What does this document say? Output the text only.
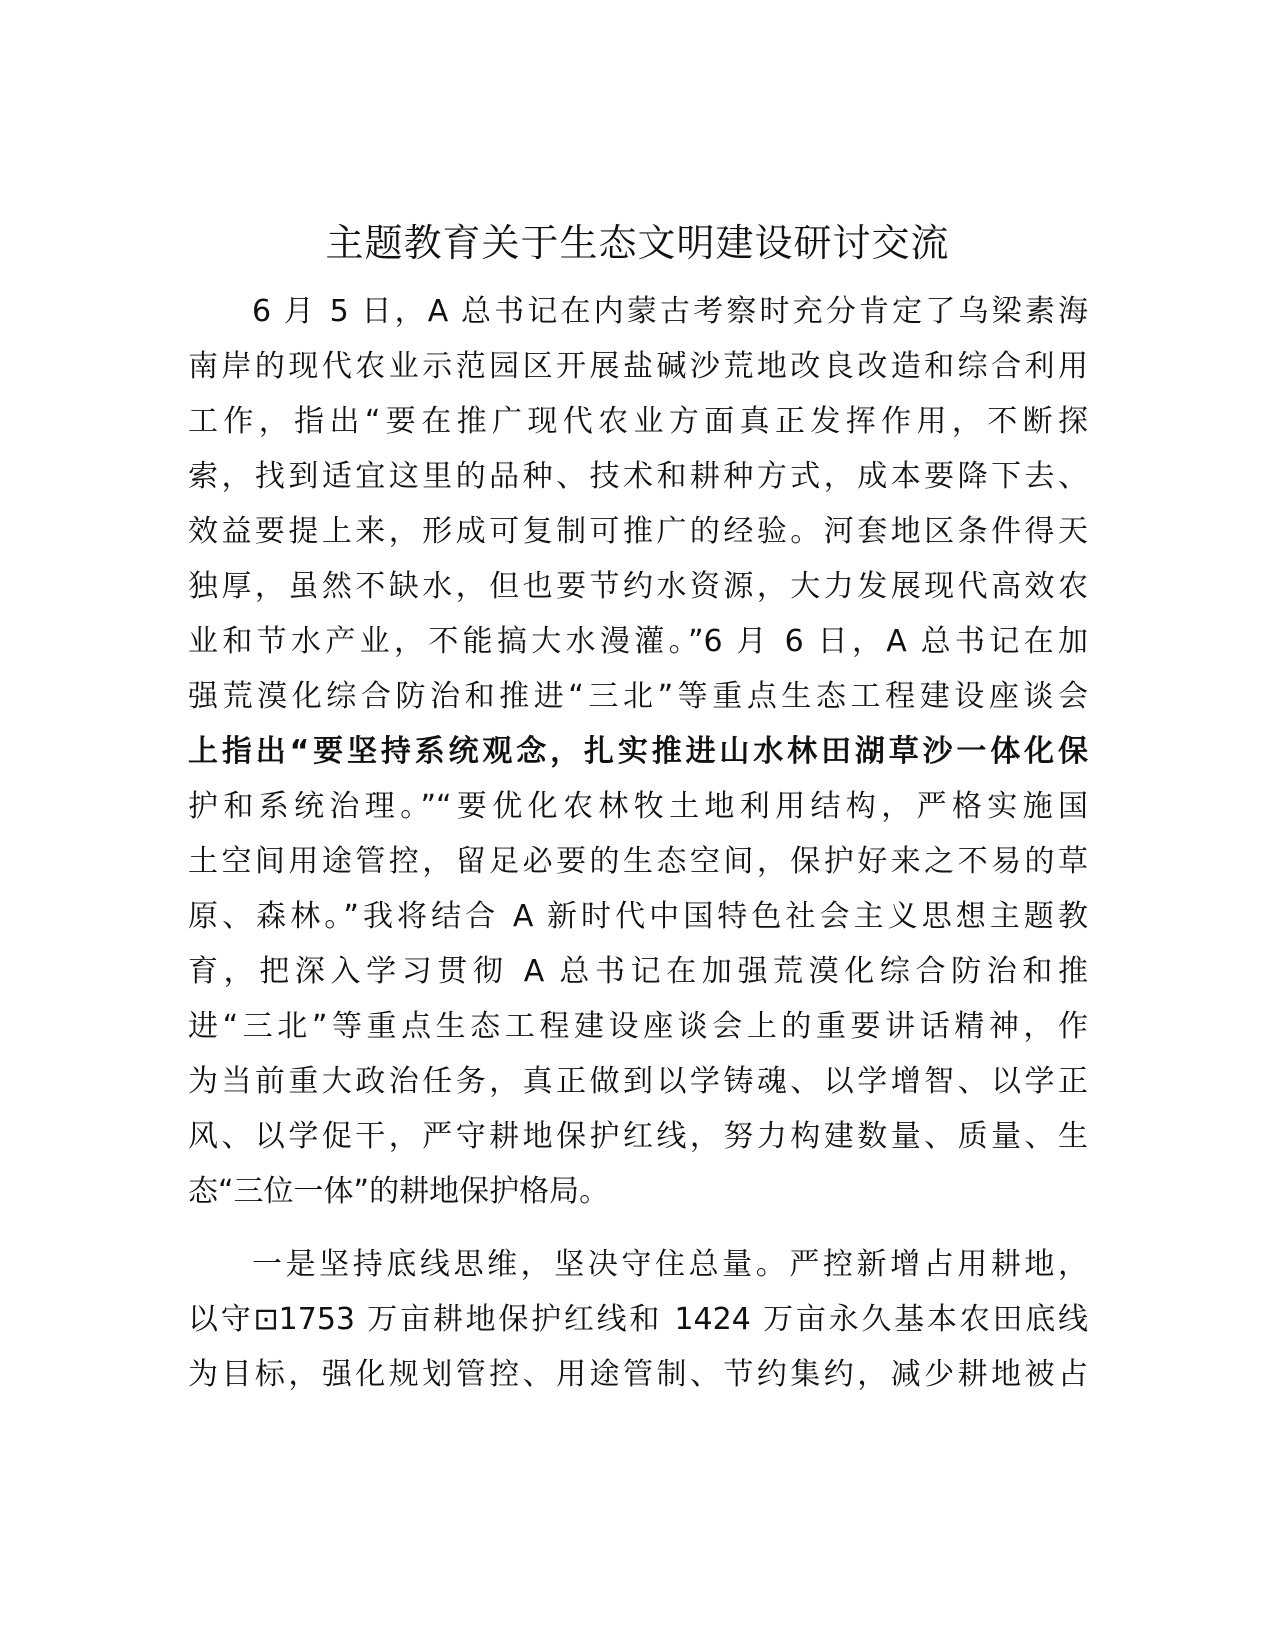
主题教育关于生态文明建设研讨交流
6 月 5 日，A 总书记在内蒙古考察时充分肯定了乌梁素海
南岸的现代农业示范园区开展盐碱沙荒地改良改造和综合利用
工作，指出“要在推广现代农业方面真正发挥作用，不断探
索，找到适宜这里的品种、技术和耕种方式，成本要降下去、
效益要提上来，形成可复制可推广的经验。河套地区条件得天
独厚，虽然不缺水，但也要节约水资源，大力发展现代高效农
业和节水产业，不能搞大水漫灌。”6 月 6 日，A 总书记在加
强荒漠化综合防治和推进“三北”等重点生态工程建设座谈会
上指出“要坚持系统观念，扎实推进山水林田湖草沙一体化保
护和系统治理。”“要优化农林牧土地利用结构，严格实施国
土空间用途管控，留足必要的生态空间，保护好来之不易的草
原、森林。”我将结合 A 新时代中国特色社会主义思想主题教
育，把深入学习贯彻 A 总书记在加强荒漠化综合防治和推
进“三北”等重点生态工程建设座谈会上的重要讲话精神，作
为当前重大政治任务，真正做到以学铸魂、以学增智、以学正
风、以学促干，严守耕地保护红线，努力构建数量、质量、生
态“三位一体”的耕地保护格局。
一是坚持底线思维，坚决守住总量。严控新增占用耕地，
以守⊡1753 万亩耕地保护红线和 1424 万亩永久基本农田底线
为目标，强化规划管控、用途管制、节约集约，减少耕地被占
